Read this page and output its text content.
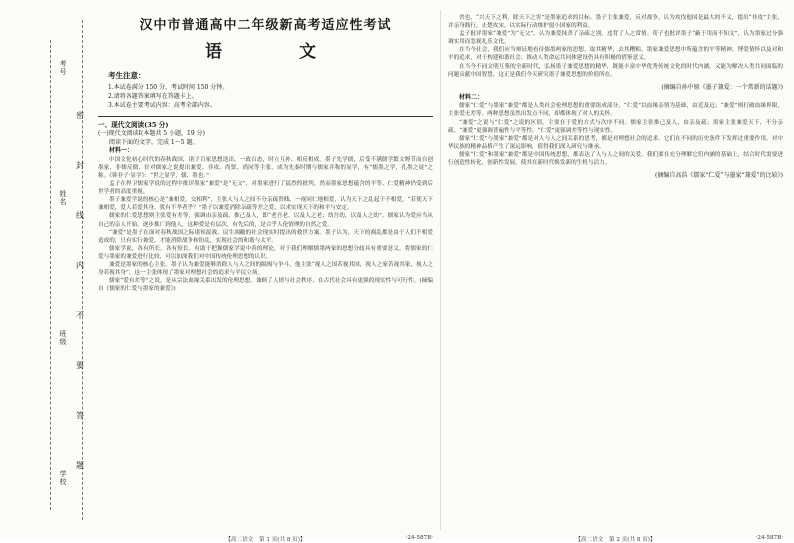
考号
姓名
班级
学校
密
封
线
内
不
要
答
题
汉中市普通高中二年级新高考适应性考试
语　文
考生注意：
1.本试卷满分 150 分，考试时间 150 分钟。
2.请将各题答案填写在答题卡上。
3.本试卷主要考试内容：高考全部内容。
一、现代文阅读(35 分)
(一)现代文阅读Ⅰ(本题共 5 小题，19 分)
阅读下面的文字，完成 1～5 题。
材料一：

中国文化初心时代的春秋战国，诸子百家思想迭出，一政百态，时立互补，相反相成。墨子先学儒，后受不满儒学繁文缛节而自创墨家，非儒反儒，针对儒家之说提出兼爱、非攻、尚贤、尚同等主张，成为先秦时期与儒家并称的显学，有“儒墨之学，孔墨之徒”之称。《韩非子·显学》：“世之显学，儒、墨也。”

孟子在捍卫儒家学说的过程中批评墨家“兼爱”是“无父”，对墨家进行了猛烈的批判，然而墨家思想蕴含的平等、仁爱精神仍受到后世学者的高度重视。

墨子兼爱学说的核心是“兼相爱，交相利”，主张人与人之间不分亲疏贵贱、一视同仁地相爱，认为天下之乱起于不相爱，“若使天下兼相爱，爱人若爱其身，犹有不孝者乎？”墨子以兼爱消除亲疏等差之爱，以求实现天下的和平与安定。

儒家的仁爱思想则主张爱有差等，强调由亲及疏、推己及人，即“老吾老，以及人之老；幼吾幼，以及人之幼”。儒家认为爱应当从自己的亲人开始，逐步推广到他人，这种爱是有层次、有先后的，是合乎人伦情理的自然之爱。

“兼爱”是墨子在面对春秋战国之际诸侯混战、民生凋敝的社会现实时提出的救世方案。墨子认为，天下的祸乱都是由于人们不相爱造成的，只有实行兼爱，才能消除战争和纷乱，实现社会的和谐与太平。

儒家学说，各有所长，各有短长。有助于把握儒家学说中善的理论，对于我们理解儒墨两家的思想分歧具有重要意义。将儒家的仁爱与墨家的兼爱进行比较，可以加深我们对中国传统伦理思想的认识。

兼爱是墨家的核心主张。墨子认为兼爱能够消除人与人之间的隔阂与争斗，他主张“视人之国若视其国，视人之家若视其家，视人之身若视其身”，这一主张体现了墨家对理想社会的追求与平民立场。

儒家“爱有差等”之说，是从宗法血缘关系出发的伦理思想，兼顾了人情与社会秩序，在古代社会具有更强的现实性与可行性。(摘编自《儒家的仁爱与墨家的兼爱》)

舍也，“兴天下之利，除天下之害”是墨家追求的目标。墨子主张兼爱，反对战争，认为攻伐他国是最大的不义，提出“非攻”主张，并亲身践行，止楚攻宋，以实际行动维护弱小国家的利益。

孟子批评墨家“兼爱”为“无父”，认为兼爱抹杀了亲疏之别，违背了人之常情。荀子也批评墨子“蔽于用而不知文”，认为墨家过分强调实用而忽视礼乐文化。

在当今社会，我们应当辩证地看待儒墨两家的思想，取其精华，去其糟粕。墨家兼爱思想中所蕴含的平等精神、博爱情怀以及对和平的追求，对于构建和谐社会、推动人类命运共同体建设仍具有积极的借鉴意义。

在当今不同文明互鉴的全新时代，弘扬墨子兼爱思想的精华，既能丰富中华优秀传统文化的时代内涵，又能为解决人类共同面临的问题贡献中国智慧，这正是我们今天研究墨子兼爱思想的价值所在。

(摘编自孙中原《墨子兼爱：一个常新的话题》)
材料二：

儒家“仁爱”与墨家“兼爱”都是人类社会伦理思想的重要组成部分。“仁爱”以血缘亲情为基础，由近及远；“兼爱”则打破血缘界限，主张爱无差等。两种思想虽然出发点不同，却都体现了对人的关怀。

“兼爱”之说与“仁爱”之说的区别，主要在于爱的方式与次序不同。儒家主张推己及人，由亲及疏；墨家主张兼爱天下，不分亲疏。“兼爱”更强调普遍性与平等性，“仁爱”更强调差等性与现实性。

儒家“仁爱”与墨家“兼爱”都是对人与人之间关系的思考，都是对理想社会的追求。它们在不同的历史条件下发挥过重要作用，对中华民族的精神品格产生了深远影响，值得我们深入研究与继承。

儒家“仁爱”和墨家“兼爱”都是中国传统思想，都表达了人与人之间的关爱。我们要在充分理解它们内涵的基础上，结合时代需要进行创造性转化、创新性发展，使其在新时代焕发新的生机与活力。

(摘编自高浩《儒家“仁爱”与墨家“兼爱”的比较》)
【高二语文　第 1 页(共 8 页)】	·24-587B·	【高二语文　第 2 页(共 8 页)】	·24-587B·
